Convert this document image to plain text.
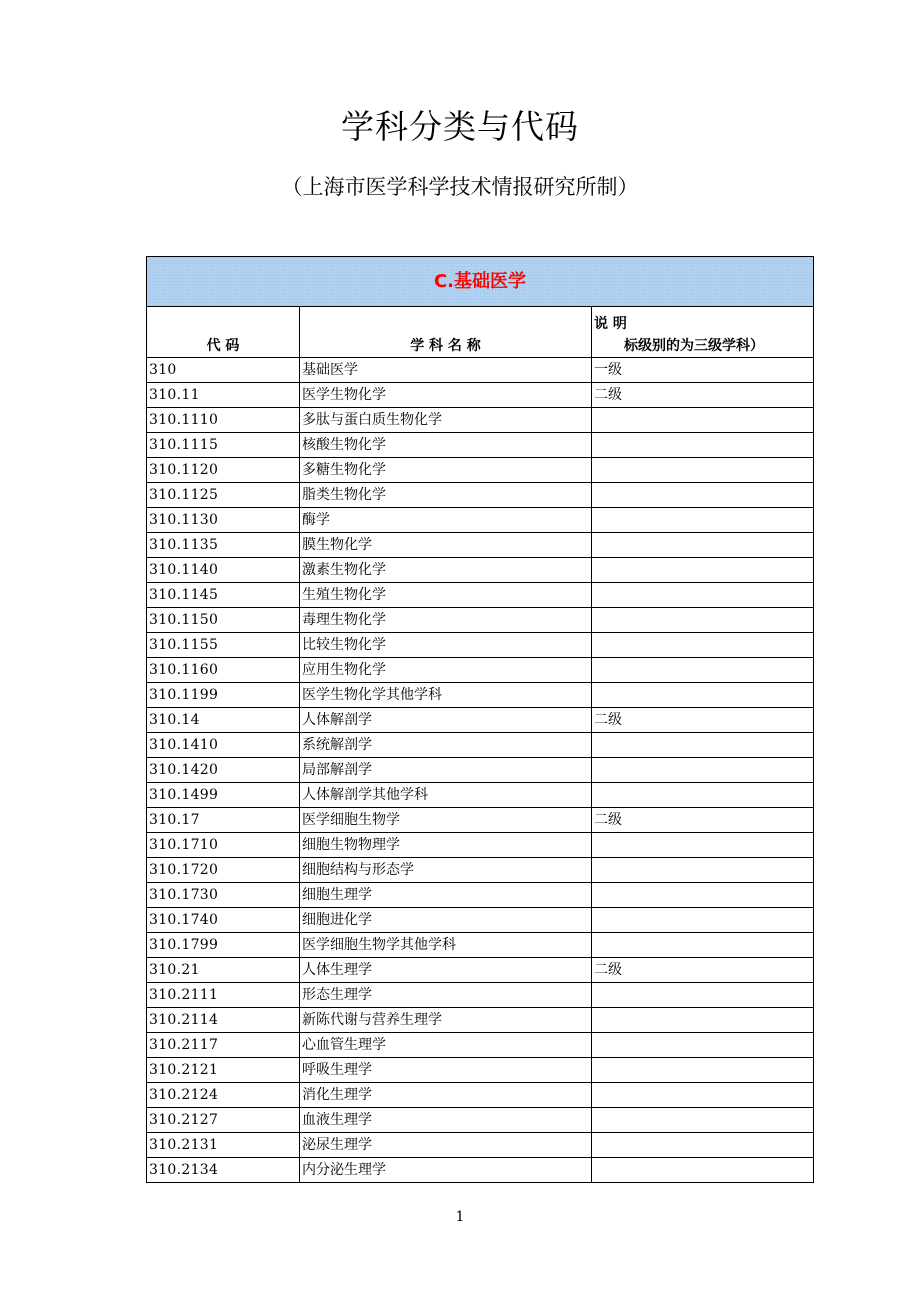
学科分类与代码
（上海市医学科学技术情报研究所制）
C.基础医学		
代 码	学 科 名 称	说 明
标级别的为三级学科）

310	基础医学	一级
310.11	医学生物化学	二级
310.1110	多肽与蛋白质生物化学	
310.1115	核酸生物化学	
310.1120	多糖生物化学	
310.1125	脂类生物化学	
310.1130	酶学	
310.1135	膜生物化学	
310.1140	激素生物化学	
310.1145	生殖生物化学	
310.1150	毒理生物化学	
310.1155	比较生物化学	
310.1160	应用生物化学	
310.1199	医学生物化学其他学科	
310.14	人体解剖学	二级
310.1410	系统解剖学	
310.1420	局部解剖学	
310.1499	人体解剖学其他学科	
310.17	医学细胞生物学	二级
310.1710	细胞生物物理学	
310.1720	细胞结构与形态学	
310.1730	细胞生理学	
310.1740	细胞进化学	
310.1799	医学细胞生物学其他学科	
310.21	人体生理学	二级
310.2111	形态生理学	
310.2114	新陈代谢与营养生理学	
310.2117	心血管生理学	
310.2121	呼吸生理学	
310.2124	消化生理学	
310.2127	血液生理学	
310.2131	泌尿生理学	
310.2134	内分泌生理学	
1
